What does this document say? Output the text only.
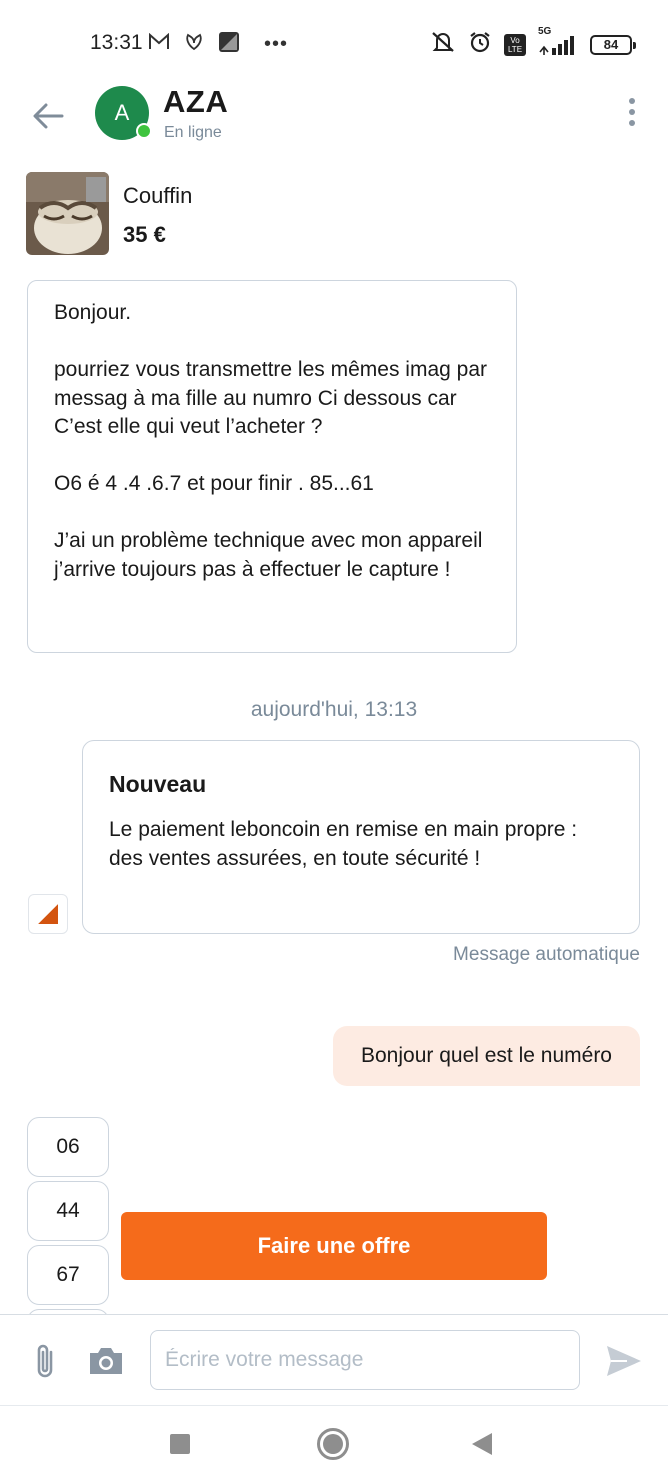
13:31	•••	Vo LTE
5G
84
A	AZA
En ligne
Couffin
35 €

Bonjour.

pourriez vous transmettre les mêmes imag par messag à ma fille au numro Ci dessous car C’est elle qui veut l’acheter ?

O6 é 4 .4 .6.7 et pour finir . 85...61

J’ai un problème technique avec mon appareil j’arrive toujours pas à effectuer le capture !

aujourd'hui, 13:13
Nouveau
Le paiement leboncoin en remise en main propre : des ventes assurées, en toute sécurité !
Message automatique
Bonjour quel est le numéro
06
44
67
Faire une offre
Écrire votre message
